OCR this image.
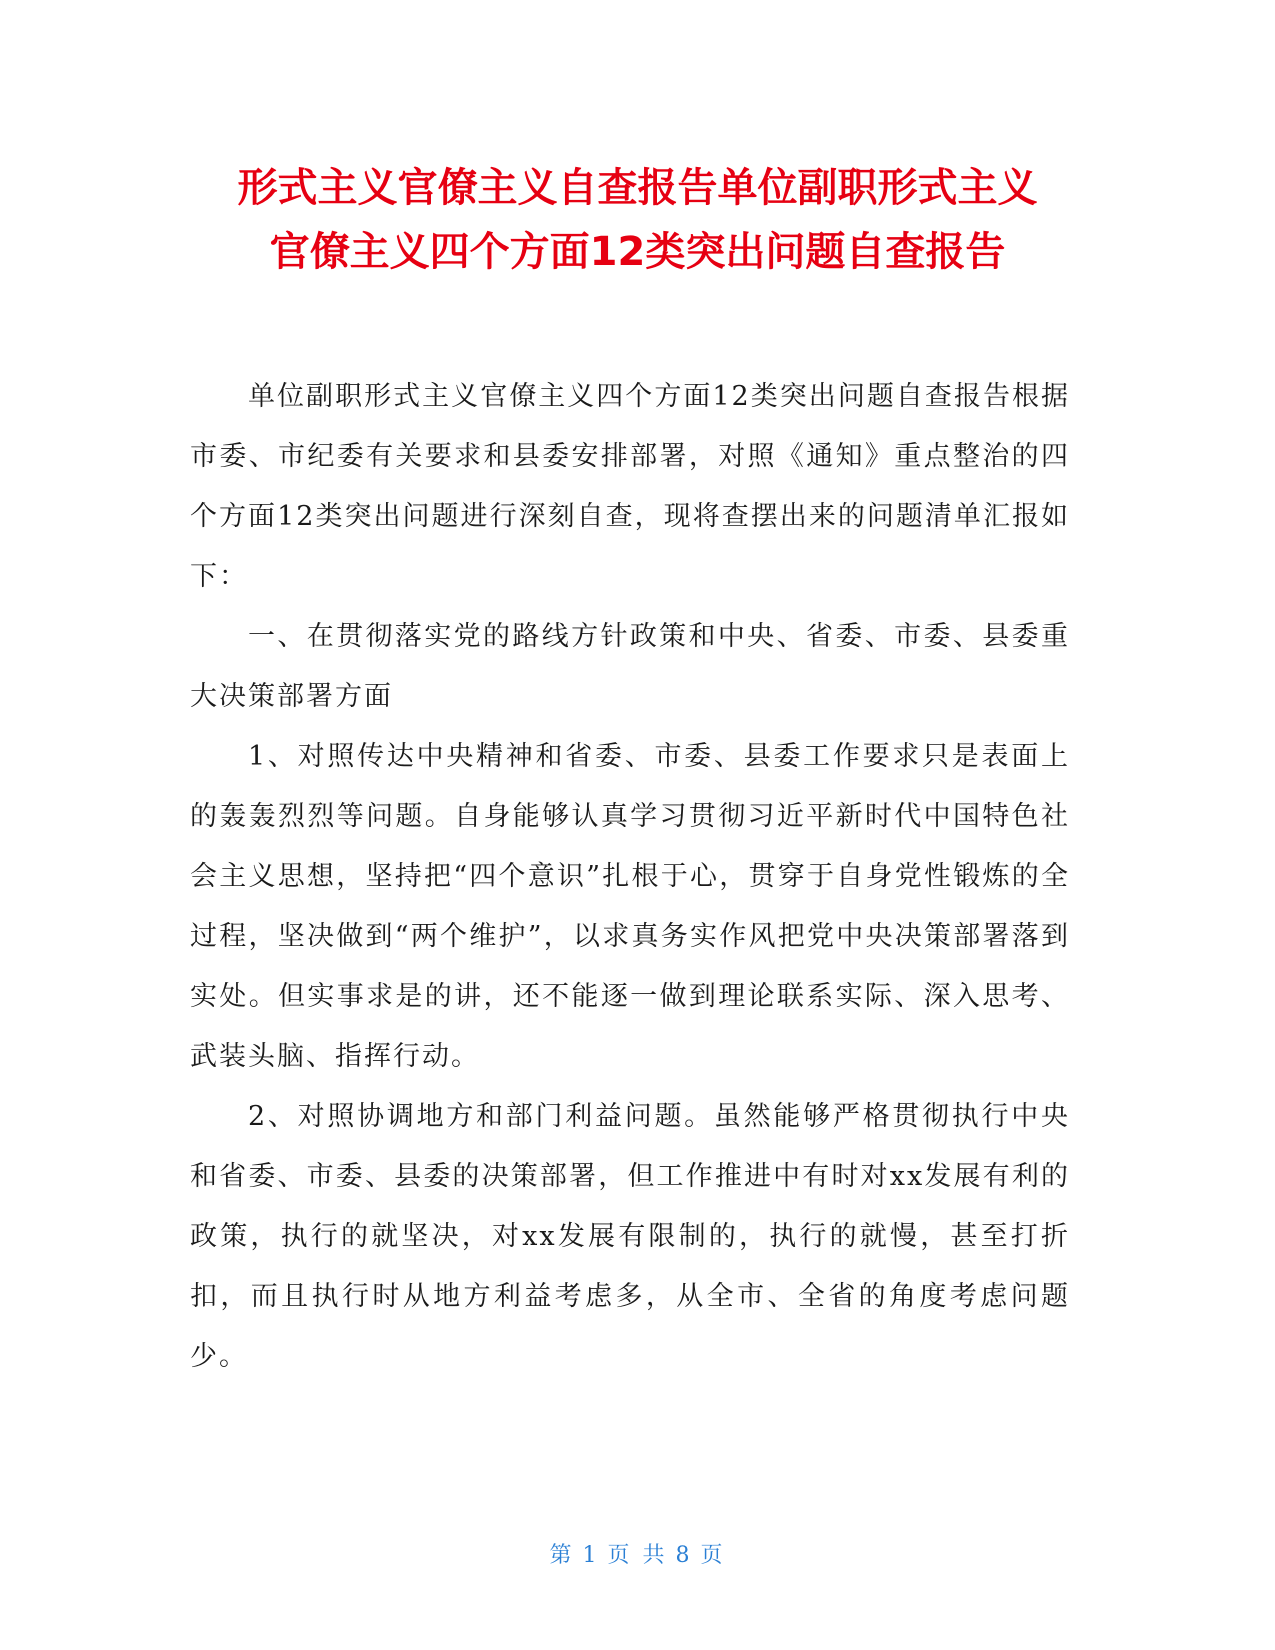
形式主义官僚主义自查报告单位副职形式主义
官僚主义四个方面12类突出问题自查报告

单位副职形式主义官僚主义四个方面12类突出问题自查报告根据市委、市纪委有关要求和县委安排部署，对照《通知》重点整治的四个方面12类突出问题进行深刻自查，现将查摆出来的问题清单汇报如下：

一、在贯彻落实党的路线方针政策和中央、省委、市委、县委重大决策部署方面

1、对照传达中央精神和省委、市委、县委工作要求只是表面上的轰轰烈烈等问题。自身能够认真学习贯彻习近平新时代中国特色社会主义思想，坚持把“四个意识”扎根于心，贯穿于自身党性锻炼的全过程，坚决做到“两个维护”，以求真务实作风把党中央决策部署落到实处。但实事求是的讲，还不能逐一做到理论联系实际、深入思考、武装头脑、指挥行动。

2、对照协调地方和部门利益问题。虽然能够严格贯彻执行中央和省委、市委、县委的决策部署，但工作推进中有时对xx发展有利的政策，执行的就坚决，对xx发展有限制的，执行的就慢，甚至打折扣，而且执行时从地方利益考虑多，从全市、全省的角度考虑问题少。

第 1 页 共 8 页
